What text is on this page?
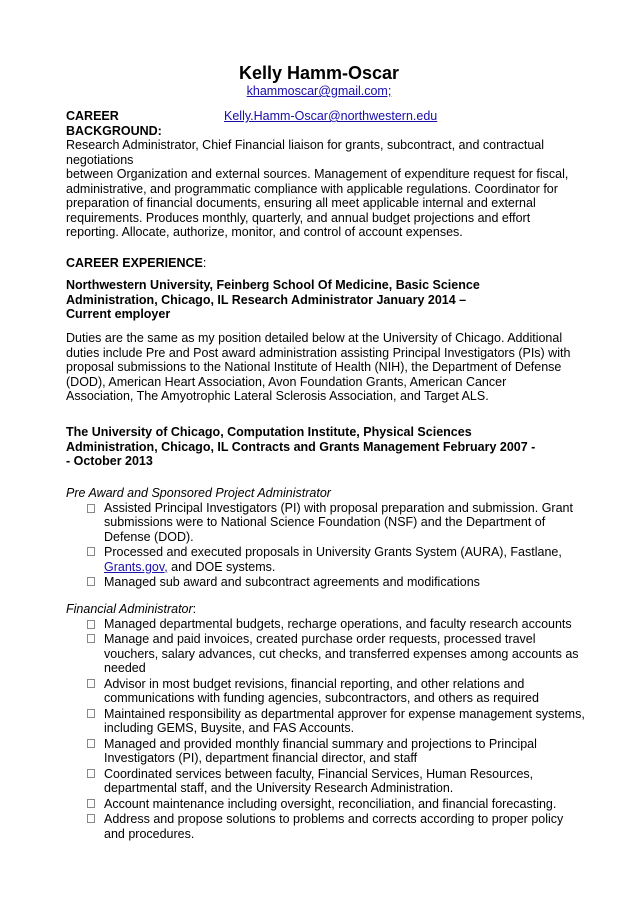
Kelly Hamm-Oscar
khammoscar@gmail.com;
CAREER
BACKGROUND:
Kelly.Hamm-Oscar@northwestern.edu

Research Administrator, Chief Financial liaison for grants, subcontract, and contractual negotiations

between Organization and external sources. Management of expenditure request for fiscal, administrative, and programmatic compliance with applicable regulations. Coordinator for preparation of financial documents, ensuring all meet applicable internal and external requirements. Produces monthly, quarterly, and annual budget projections and effort reporting. Allocate, authorize, monitor, and control of account expenses.

CAREER EXPERIENCE:
Northwestern University, Feinberg School Of Medicine, Basic Science Administration, Chicago, IL Research Administrator January 2014 – Current employer
Duties are the same as my position detailed below at the University of Chicago. Additional duties include Pre and Post award administration assisting Principal Investigators (PIs) with proposal submissions to the National Institute of Health (NIH), the Department of Defense (DOD), American Heart Association, Avon Foundation Grants, American Cancer Association, The Amyotrophic Lateral Sclerosis Association, and Target ALS.
The University of Chicago, Computation Institute, Physical Sciences Administration, Chicago, IL Contracts and Grants Management February 2007 -- October 2013
Pre Award and Sponsored Project Administrator
Assisted Principal Investigators (PI) with proposal preparation and submission. Grant submissions were to National Science Foundation (NSF) and the Department of Defense (DOD).
Processed and executed proposals in University Grants System (AURA), Fastlane, Grants.gov, and DOE systems.
Managed sub award and subcontract agreements and modifications
Financial Administrator:
Managed departmental budgets, recharge operations, and faculty research accounts
Manage and paid invoices, created purchase order requests, processed travel vouchers, salary advances, cut checks, and transferred expenses among accounts as needed
Advisor in most budget revisions, financial reporting, and other relations and communications with funding agencies, subcontractors, and others as required
Maintained responsibility as departmental approver for expense management systems, including GEMS, Buysite, and FAS Accounts.
Managed and provided monthly financial summary and projections to Principal Investigators (PI), department financial director, and staff
Coordinated services between faculty, Financial Services, Human Resources, departmental staff, and the University Research Administration.
Account maintenance including oversight, reconciliation, and financial forecasting.
Address and propose solutions to problems and corrects according to proper policy and procedures.
